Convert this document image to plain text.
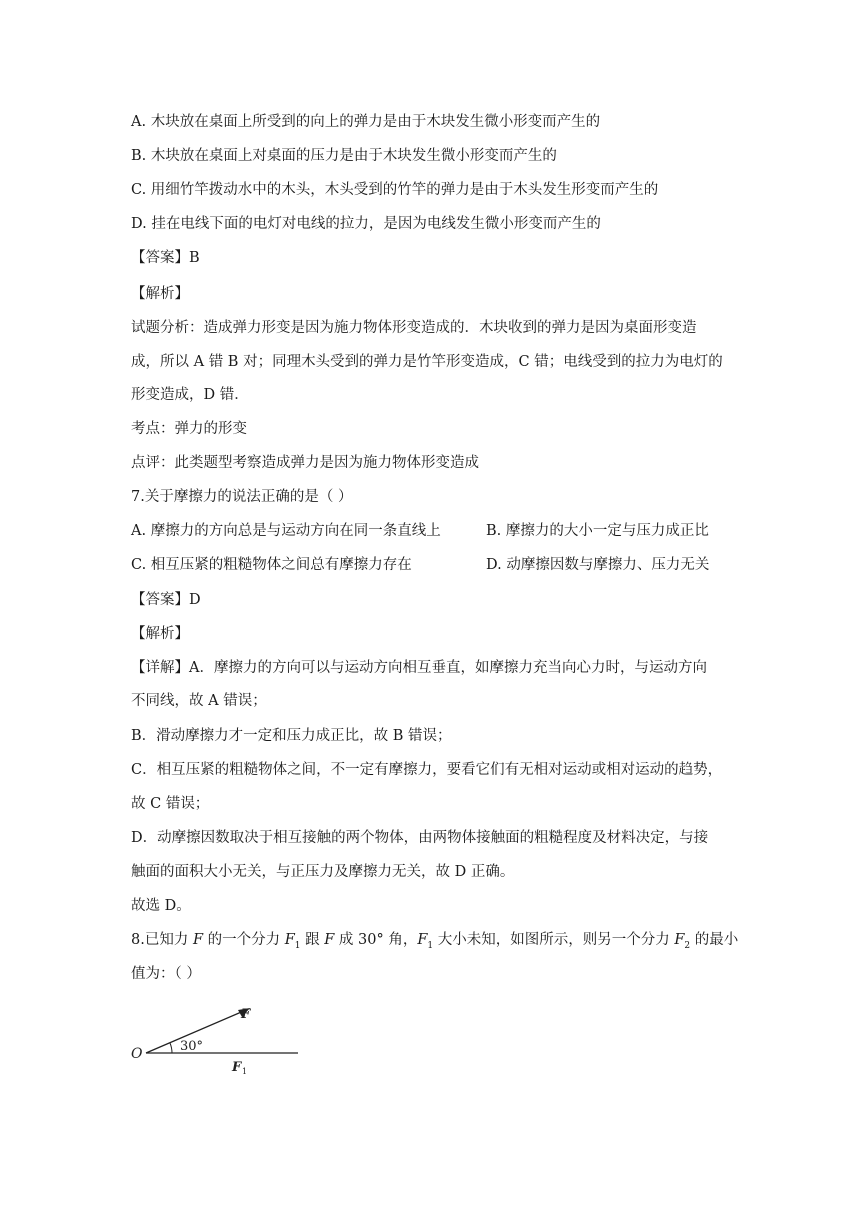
A. 木块放在桌面上所受到的向上的弹力是由于木块发生微小形变而产生的
B. 木块放在桌面上对桌面的压力是由于木块发生微小形变而产生的
C. 用细竹竿拨动水中的木头，木头受到的竹竿的弹力是由于木头发生形变而产生的
D. 挂在电线下面的电灯对电线的拉力，是因为电线发生微小形变而产生的
【答案】B
【解析】
试题分析：造成弹力形变是因为施力物体形变造成的．木块收到的弹力是因为桌面形变造
成，所以 A 错 B 对；同理木头受到的弹力是竹竿形变造成，C 错；电线受到的拉力为电灯的
形变造成，D 错．
考点：弹力的形变
点评：此类题型考察造成弹力是因为施力物体形变造成
7.关于摩擦力的说法正确的是（ ）
A. 摩擦力的方向总是与运动方向在同一条直线上	B. 摩擦力的大小一定与压力成正比
C. 相互压紧的粗糙物体之间总有摩擦力存在	D. 动摩擦因数与摩擦力、压力无关
【答案】D
【解析】
【详解】A．摩擦力的方向可以与运动方向相互垂直，如摩擦力充当向心力时，与运动方向
不同线，故 A 错误；
B．滑动摩擦力才一定和压力成正比，故 B 错误；
C．相互压紧的粗糙物体之间，不一定有摩擦力，要看它们有无相对运动或相对运动的趋势，
故 C 错误；
D．动摩擦因数取决于相互接触的两个物体，由两物体接触面的粗糙程度及材料决定，与接
触面的面积大小无关，与正压力及摩擦力无关，故 D 正确。
故选 D。
8.已知力 F 的一个分力 $F_1$ 跟 F 成 30° 角，$F_1$ 大小未知，如图所示，则另一个分力 $F_2$ 的最小
值为：（ ）
O
F
30°
F 1
